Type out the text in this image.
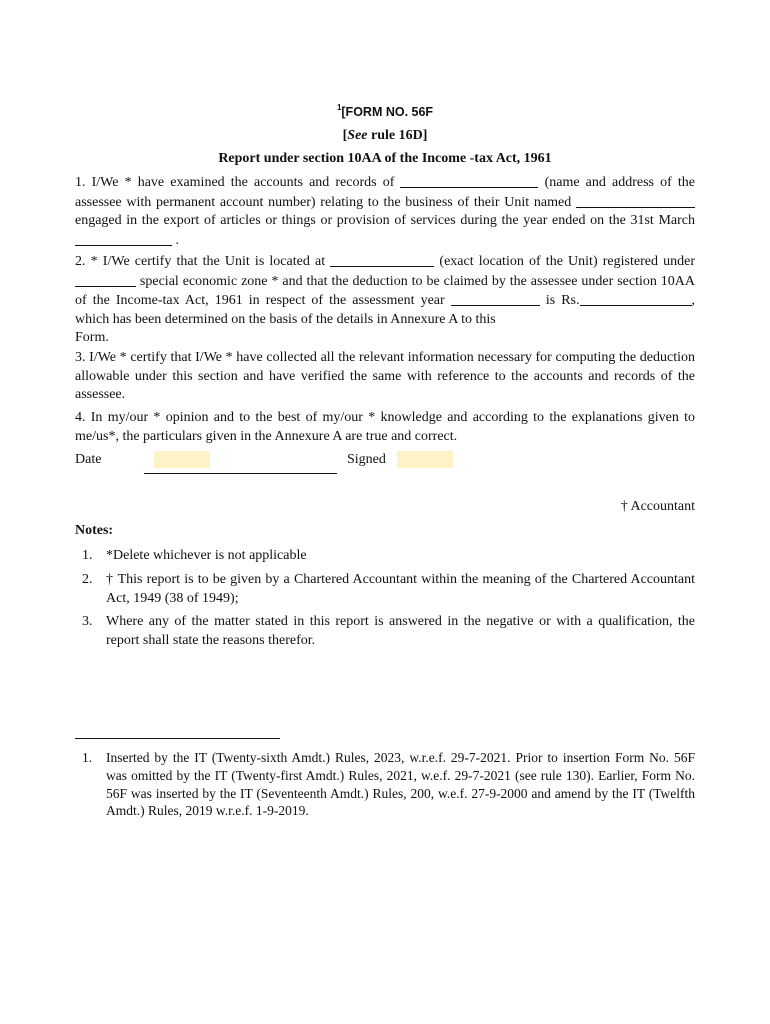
$^1$[FORM NO. 56F
[See rule 16D]
Report under section 10AA of the Income -tax Act, 1961
1. I/We * have examined the accounts and records of	(name and address of the assessee with permanent account number) relating to the business of their Unit named  engaged in the export of articles or things or provision of services during the year ended on the 31st March  .
2. * I/We certify that the Unit is located at	(exact location of the Unit) registered under  special economic zone * and that the deduction to be claimed by the assessee under section 10AA of the Income-tax Act, 1961 in respect of the assessment year	is Rs.	, which has been determined on the basis of the details in Annexure A to this
Form.
3. I/We * certify that I/We * have collected all the relevant information necessary for computing the deduction allowable under this section and have verified the same with reference to the accounts and records of the assessee.
4. In my/our * opinion and to the best of my/our * knowledge and according to the explanations given to me/us*, the particulars given in the Annexure A are true and correct.
Date	Signed
† Accountant
Notes:
1. *Delete whichever is not applicable
2. † This report is to be given by a Chartered Accountant within the meaning of the Chartered Accountant Act, 1949 (38 of 1949);
3. Where any of the matter stated in this report is answered in the negative or with a qualification, the report shall state the reasons therefor.
1. Inserted by the IT (Twenty-sixth Amdt.) Rules, 2023, w.r.e.f. 29-7-2021. Prior to insertion Form No. 56F was omitted by the IT (Twenty-first Amdt.) Rules, 2021, w.e.f. 29-7-2021 (see rule 130). Earlier, Form No. 56F was inserted by the IT (Seventeenth Amdt.) Rules, 200, w.e.f. 27-9-2000 and amend by the IT (Twelfth Amdt.) Rules, 2019 w.r.e.f. 1-9-2019.
